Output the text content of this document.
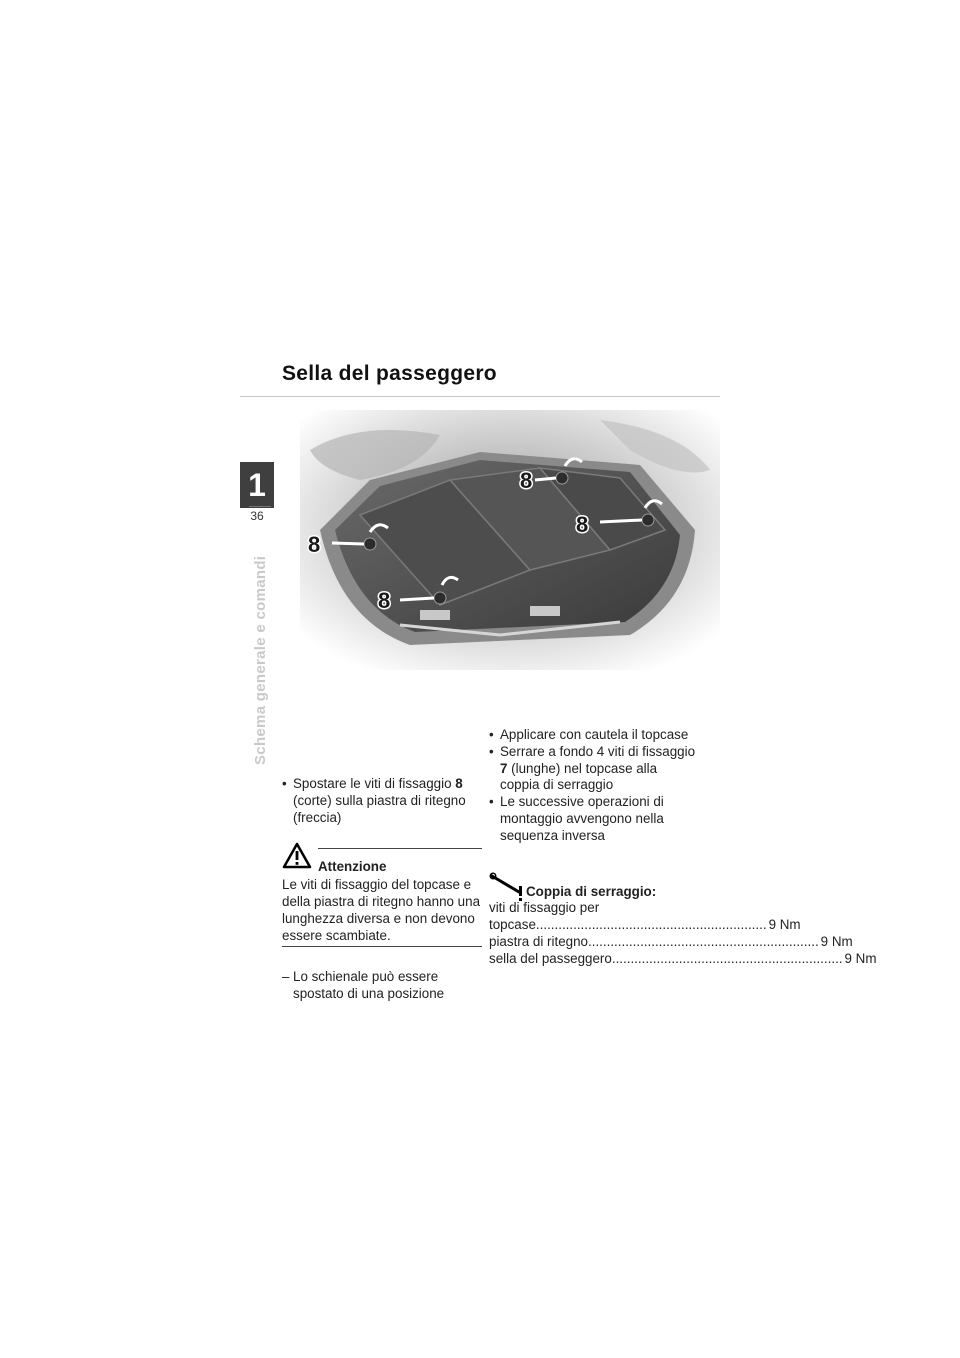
Sella del passeggero
1
36
Schema generale e comandi
8
8
8
8
• Spostare le viti di fissaggio 8 (corte) sulla piastra di ritegno (freccia)
Attenzione
Le viti di fissaggio del topcase e della piastra di ritegno hanno una lunghezza diversa e non devono essere scambiate.
– Lo schienale può essere spostato di una posizione
• Applicare con cautela il topcase
• Serrare a fondo 4 viti di fissaggio 7 (lunghe) nel topcase alla coppia di serraggio
• Le successive operazioni di montaggio avvengono nella sequenza inversa
Coppia di serraggio:
viti di fissaggio per
topcase .............................................................. 9 Nm
piastra di ritegno .............................................................. 9 Nm
sella del passeggero .............................................................. 9 Nm
